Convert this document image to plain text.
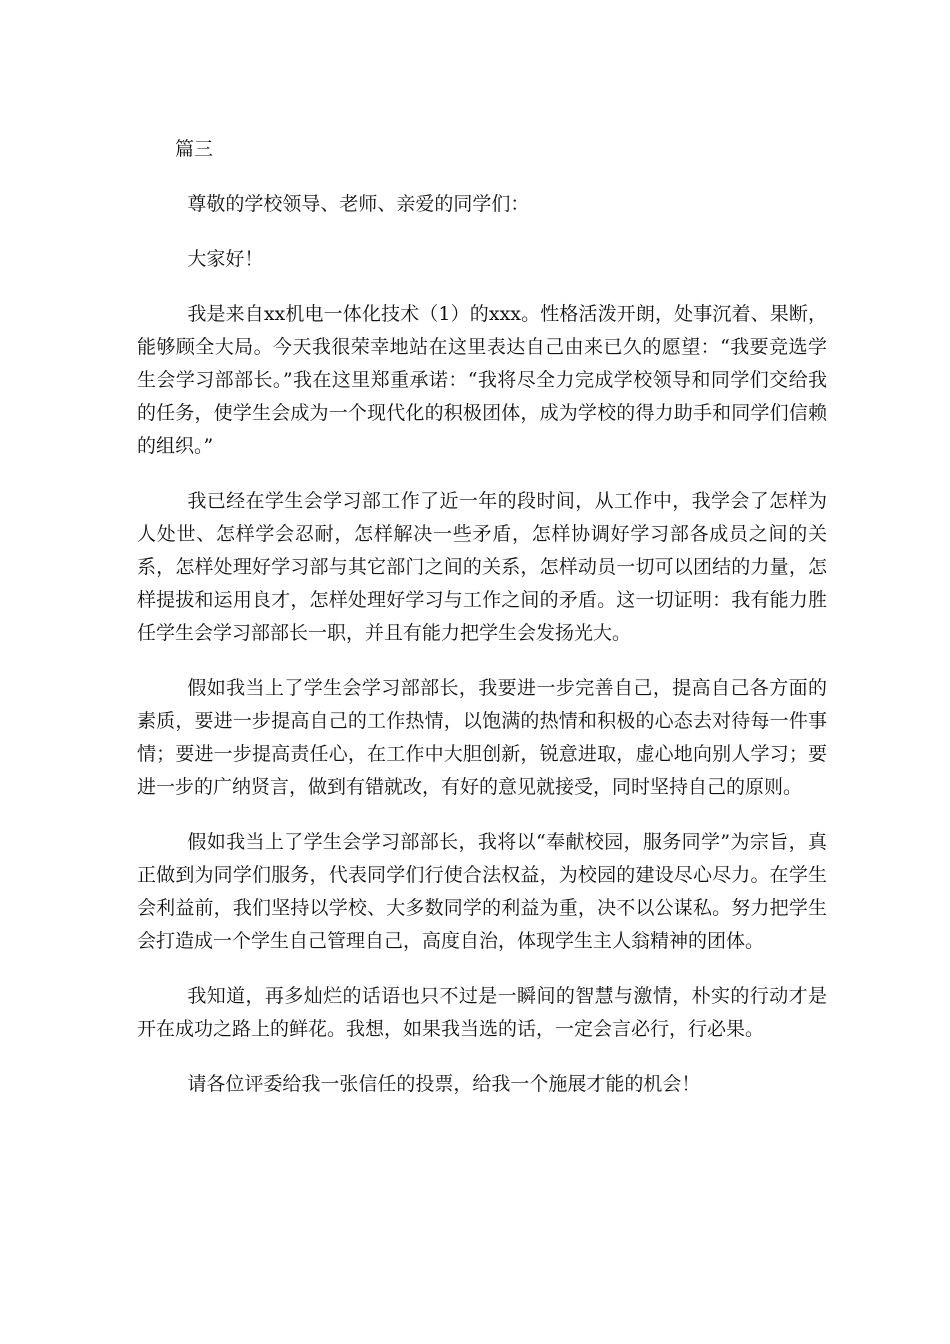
篇三

尊敬的学校领导、老师、亲爱的同学们：

大家好！

我是来自xx机电一体化技术（1）的xxx。性格活泼开朗，处事沉着、果断，能够顾全大局。今天我很荣幸地站在这里表达自己由来已久的愿望：“我要竞选学生会学习部部长。”我在这里郑重承诺：“我将尽全力完成学校领导和同学们交给我的任务，使学生会成为一个现代化的积极团体，成为学校的得力助手和同学们信赖的组织。”

我已经在学生会学习部工作了近一年的段时间，从工作中，我学会了怎样为人处世、怎样学会忍耐，怎样解决一些矛盾，怎样协调好学习部各成员之间的关系，怎样处理好学习部与其它部门之间的关系，怎样动员一切可以团结的力量，怎样提拔和运用良才，怎样处理好学习与工作之间的矛盾。这一切证明：我有能力胜任学生会学习部部长一职，并且有能力把学生会发扬光大。

假如我当上了学生会学习部部长，我要进一步完善自己，提高自己各方面的素质，要进一步提高自己的工作热情，以饱满的热情和积极的心态去对待每一件事情；要进一步提高责任心，在工作中大胆创新，锐意进取，虚心地向别人学习；要进一步的广纳贤言，做到有错就改，有好的意见就接受，同时坚持自己的原则。

假如我当上了学生会学习部部长，我将以“奉献校园，服务同学”为宗旨，真正做到为同学们服务，代表同学们行使合法权益，为校园的建设尽心尽力。在学生会利益前，我们坚持以学校、大多数同学的利益为重，决不以公谋私。努力把学生会打造成一个学生自己管理自己，高度自治，体现学生主人翁精神的团体。

我知道，再多灿烂的话语也只不过是一瞬间的智慧与激情，朴实的行动才是开在成功之路上的鲜花。我想，如果我当选的话，一定会言必行，行必果。

请各位评委给我一张信任的投票，给我一个施展才能的机会！
